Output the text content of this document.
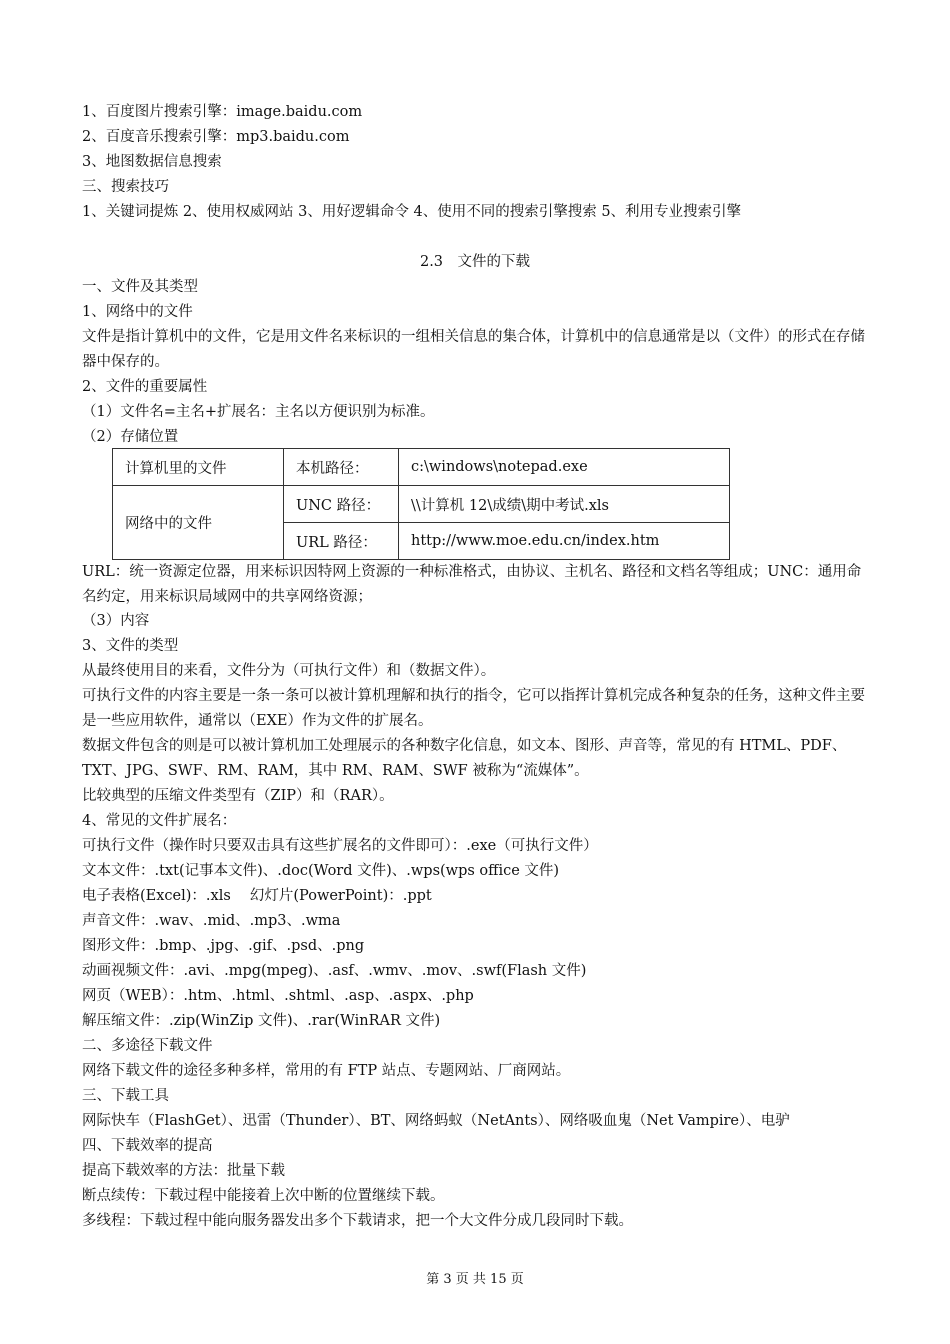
1、百度图片搜索引擎：image.baidu.com
2、百度音乐搜索引擎：mp3.baidu.com
3、地图数据信息搜索
三、搜索技巧
1、关键词提炼 2、使用权威网站 3、用好逻辑命令 4、使用不同的搜索引擎搜索 5、利用专业搜索引擎
2.3　文件的下载
一、文件及其类型
1、网络中的文件
文件是指计算机中的文件，它是用文件名来标识的一组相关信息的集合体，计算机中的信息通常是以（文件）的形式在存储器中保存的。
2、文件的重要属性
（1）文件名=主名+扩展名：主名以方便识别为标准。
（2）存储位置
计算机里的文件	本机路径：	c:\windows\notepad.exe
网络中的文件	UNC 路径：	\\计算机 12\成绩\期中考试.xls
	URL 路径：	http://www.moe.edu.cn/index.htm
URL：统一资源定位器，用来标识因特网上资源的一种标准格式，由协议、主机名、路径和文档名等组成；UNC：通用命名约定，用来标识局域网中的共享网络资源；
（3）内容
3、文件的类型
从最终使用目的来看，文件分为（可执行文件）和（数据文件）。
可执行文件的内容主要是一条一条可以被计算机理解和执行的指令，它可以指挥计算机完成各种复杂的任务，这种文件主要是一些应用软件，通常以（EXE）作为文件的扩展名。
数据文件包含的则是可以被计算机加工处理展示的各种数字化信息，如文本、图形、声音等，常见的有 HTML、PDF、TXT、JPG、SWF、RM、RAM，其中 RM、RAM、SWF 被称为“流媒体”。
比较典型的压缩文件类型有（ZIP）和（RAR）。
4、常见的文件扩展名：
可执行文件（操作时只要双击具有这些扩展名的文件即可）：.exe（可执行文件）
文本文件：.txt(记事本文件)、.doc(Word 文件)、.wps(wps office 文件)
电子表格(Excel)：.xls　 幻灯片(PowerPoint)：.ppt
声音文件：.wav、.mid、.mp3、.wma
图形文件：.bmp、.jpg、.gif、.psd、.png
动画视频文件：.avi、.mpg(mpeg)、.asf、.wmv、.mov、.swf(Flash 文件)
网页（WEB）：.htm、.html、.shtml、.asp、.aspx、.php
解压缩文件：.zip(WinZip 文件)、.rar(WinRAR 文件)
二、多途径下载文件
网络下载文件的途径多种多样，常用的有 FTP 站点、专题网站、厂商网站。
三、下载工具
网际快车（FlashGet）、迅雷（Thunder）、BT、网络蚂蚁（NetAnts）、网络吸血鬼（Net Vampire）、电驴
四、下载效率的提高
提高下载效率的方法：批量下载
断点续传：下载过程中能接着上次中断的位置继续下载。
多线程：下载过程中能向服务器发出多个下载请求，把一个大文件分成几段同时下载。
第 3 页 共 15 页
